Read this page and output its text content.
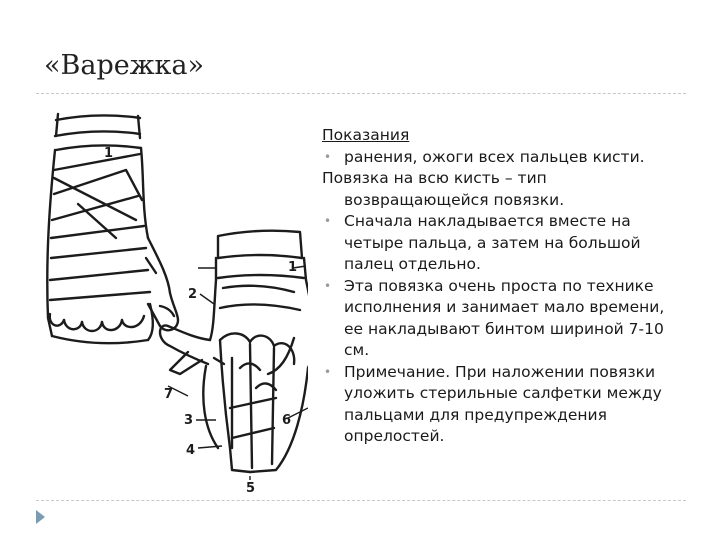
«Варежка»
1
1
2
7
3
4
5
6

Показания

• ранения, ожоги всех пальцев кисти.

Повязка на всю кисть – тип возвращающейся повязки.

• Сначала накладывается вместе на четыре пальца, а затем на большой палец отдельно.

• Эта повязка очень проста по технике исполнения и занимает мало времени, ее накладывают бинтом шириной 7-10 см.

• Примечание. При наложении повязки уложить стерильные салфетки между пальцами для предупреждения опрелостей.
